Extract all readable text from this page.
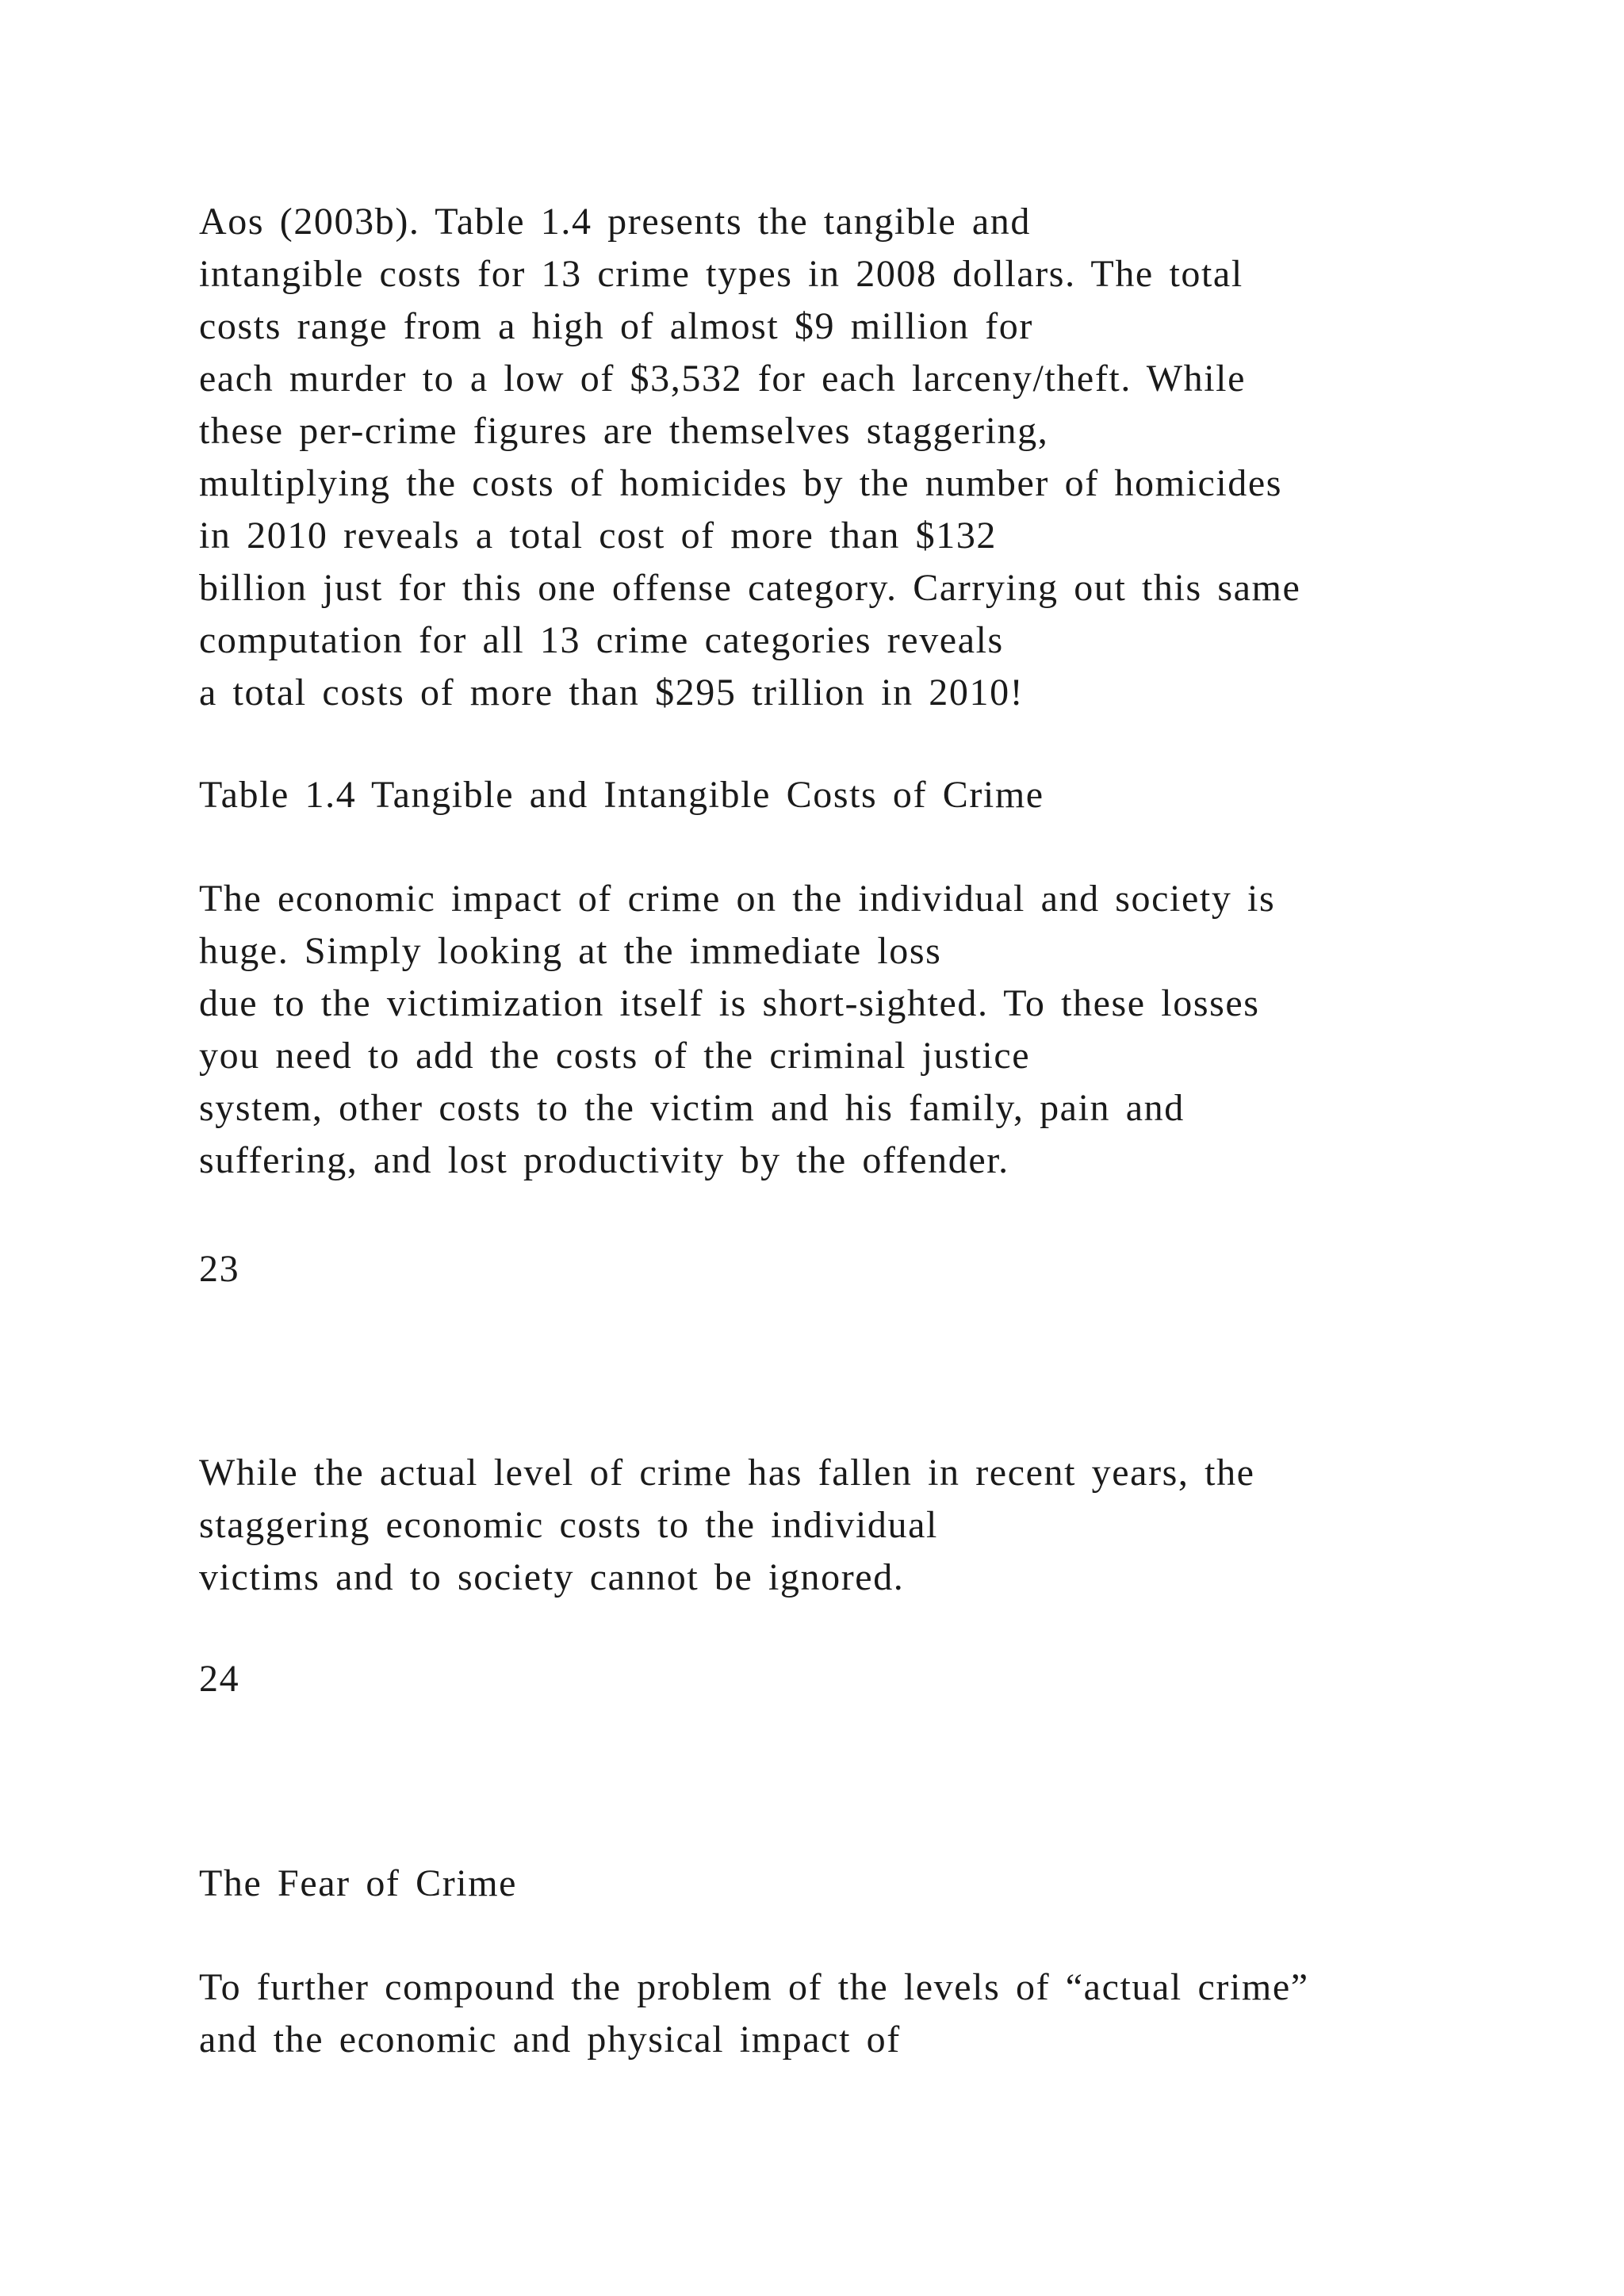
Aos (2003b). Table 1.4 presents the tangible and
intangible costs for 13 crime types in 2008 dollars. The total
costs range from a high of almost $9 million for
each murder to a low of $3,532 for each larceny/theft. While
these per-crime figures are themselves staggering,
multiplying the costs of homicides by the number of homicides
in 2010 reveals a total cost of more than $132
billion just for this one offense category. Carrying out this same
computation for all 13 crime categories reveals
a total costs of more than $295 trillion in 2010!

Table 1.4 Tangible and Intangible Costs of Crime

The economic impact of crime on the individual and society is
huge. Simply looking at the immediate loss
due to the victimization itself is short-sighted. To these losses
you need to add the costs of the criminal justice
system, other costs to the victim and his family, pain and
suffering, and lost productivity by the offender.

23

While the actual level of crime has fallen in recent years, the
staggering economic costs to the individual
victims and to society cannot be ignored.

24

The Fear of Crime

To further compound the problem of the levels of “actual crime”
and the economic and physical impact of
